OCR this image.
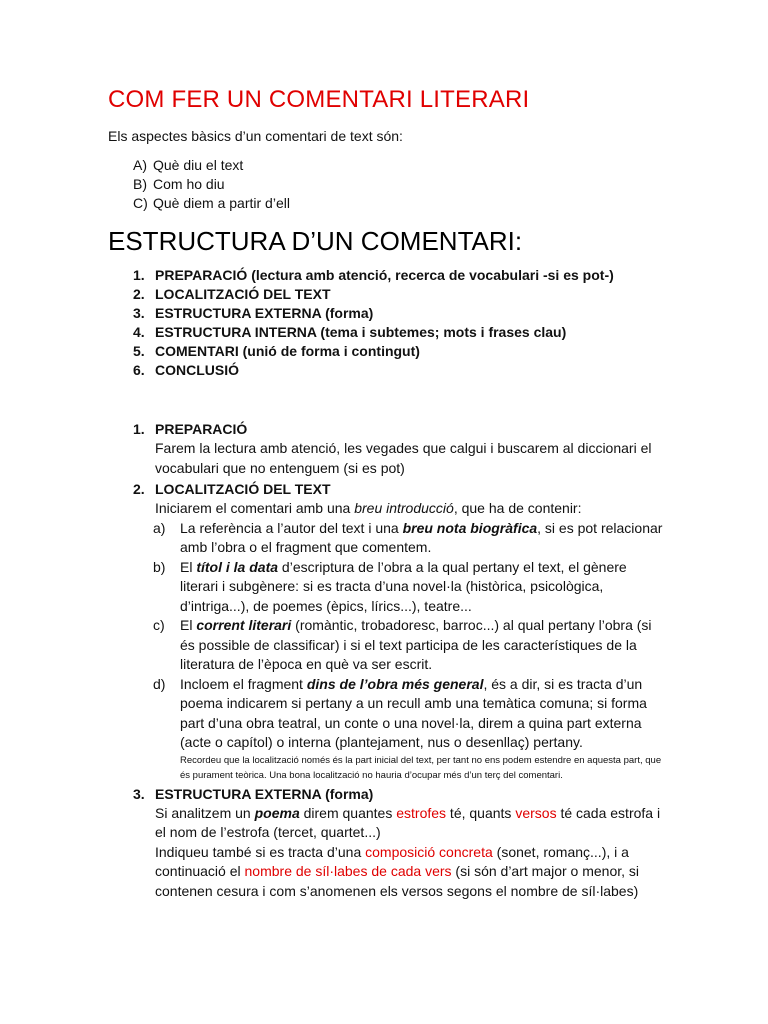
COM FER UN COMENTARI LITERARI

Els aspectes bàsics d’un comentari de text són:

A) Què diu el text
B) Com ho diu
C) Què diem a partir d’ell
ESTRUCTURA D’UN COMENTARI:
1. PREPARACIÓ (lectura amb atenció, recerca de vocabulari -si es pot-)
2. LOCALITZACIÓ DEL TEXT
3. ESTRUCTURA EXTERNA (forma)
4. ESTRUCTURA INTERNA (tema i subtemes; mots i frases clau)
5. COMENTARI (unió de forma i contingut)
6. CONCLUSIÓ
1. PREPARACIÓ
Farem la lectura amb atenció, les vegades que calgui i buscarem al diccionari el vocabulari que no entenguem (si es pot)
2. LOCALITZACIÓ DEL TEXT
Iniciarem el comentari amb una breu introducció, que ha de contenir:
a) La referència a l’autor del text i una breu nota biogràfica, si es pot relacionar amb l’obra o el fragment que comentem.
b) El títol i la data d’escriptura de l’obra a la qual pertany el text, el gènere literari i subgènere: si es tracta d’una novel·la (històrica, psicològica, d’intriga...), de poemes (èpics, lírics...), teatre...
c) El corrent literari (romàntic, trobadoresc, barroc...) al qual pertany l’obra (si és possible de classificar) i si el text participa de les característiques de la literatura de l’època en què va ser escrit.
d) Incloem el fragment dins de l’obra més general, és a dir, si es tracta d’un poema indicarem si pertany a un recull amb una temàtica comuna; si forma part d’una obra teatral, un conte o una novel·la, direm a quina part externa (acte o capítol) o interna (plantejament, nus o desenllaç) pertany.
Recordeu que la localització només és la part inicial del text, per tant no ens podem estendre en aquesta part, que és purament teòrica. Una bona localització no hauria d’ocupar més d’un terç del comentari.
3. ESTRUCTURA EXTERNA (forma)
Si analitzem un poema direm quantes estrofes té, quants versos té cada estrofa i el nom de l’estrofa (tercet, quartet...)
Indiqueu també si es tracta d’una composició concreta (sonet, romanç...), i a continuació el nombre de síl·labes de cada vers (si són d’art major o menor, si contenen cesura i com s’anomenen els versos segons el nombre de síl·labes)
